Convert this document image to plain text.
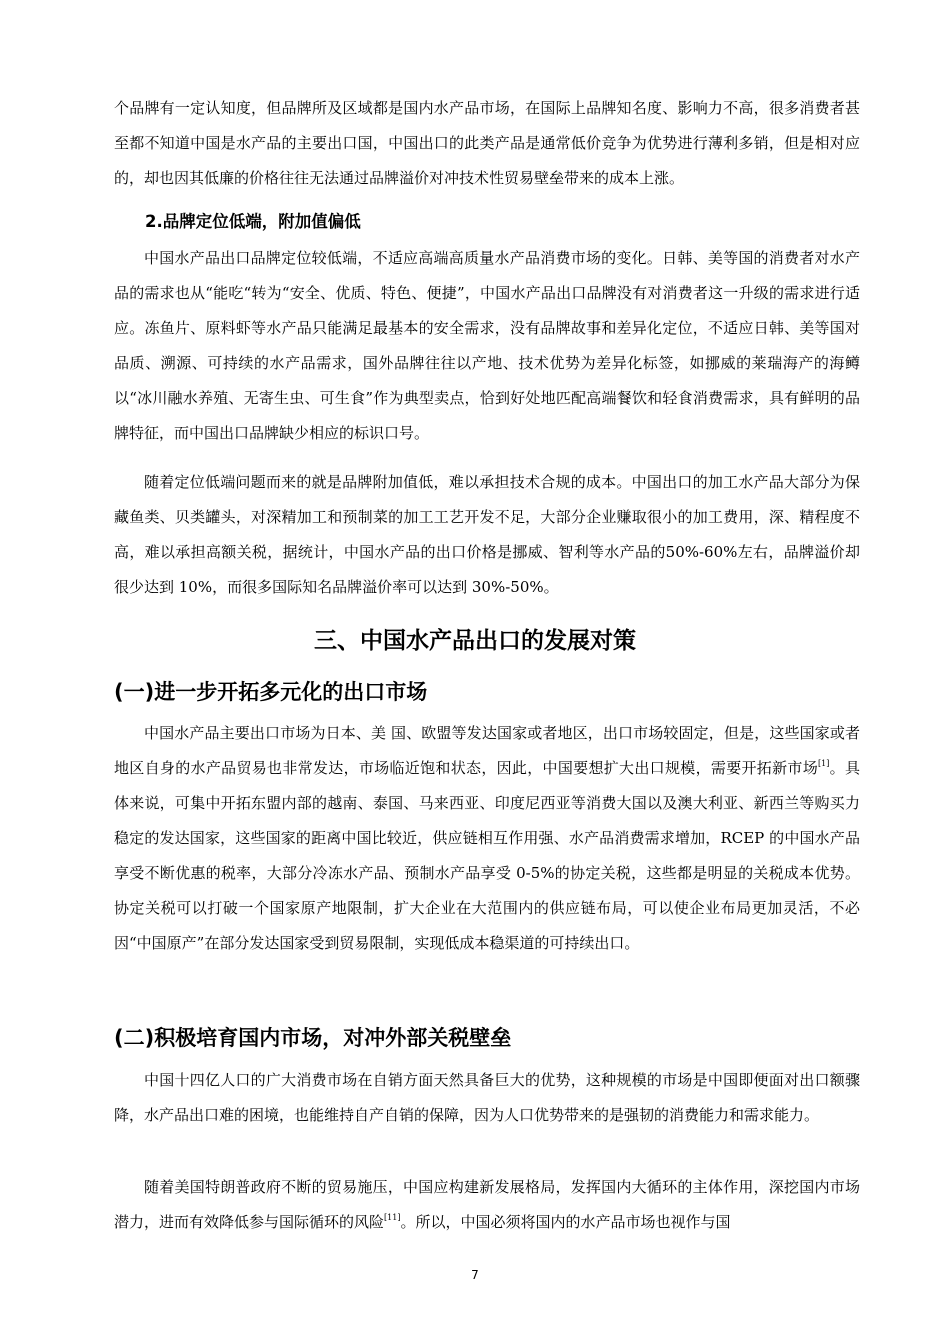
个品牌有一定认知度，但品牌所及区域都是国内水产品市场，在国际上品牌知名度、影响力不高，很多消费者甚至都不知道中国是水产品的主要出口国，中国出口的此类产品是通常低价竞争为优势进行薄利多销，但是相对应的，却也因其低廉的价格往往无法通过品牌溢价对冲技术性贸易壁垒带来的成本上涨。

2.品牌定位低端，附加值偏低

中国水产品出口品牌定位较低端，不适应高端高质量水产品消费市场的变化。日韩、美等国的消费者对水产品的需求也从“能吃“转为“安全、优质、特色、便捷”，中国水产品出口品牌没有对消费者这一升级的需求进行适应。冻鱼片、原料虾等水产品只能满足最基本的安全需求，没有品牌故事和差异化定位，不适应日韩、美等国对品质、溯源、可持续的水产品需求，国外品牌往往以产地、技术优势为差异化标签，如挪威的莱瑞海产的海鳟以“冰川融水养殖、无寄生虫、可生食”作为典型卖点，恰到好处地匹配高端餐饮和轻食消费需求，具有鲜明的品牌特征，而中国出口品牌缺少相应的标识口号。

随着定位低端问题而来的就是品牌附加值低，难以承担技术合规的成本。中国出口的加工水产品大部分为保藏鱼类、贝类罐头，对深精加工和预制菜的加工工艺开发不足，大部分企业赚取很小的加工费用，深、精程度不高，难以承担高额关税，据统计，中国水产品的出口价格是挪威、智利等水产品的50%-60%左右，品牌溢价却很少达到 10%，而很多国际知名品牌溢价率可以达到 30%-50%。

三、中国水产品出口的发展对策
(一)进一步开拓多元化的出口市场

中国水产品主要出口市场为日本、美 国、欧盟等发达国家或者地区，出口市场较固定，但是，这些国家或者地区自身的水产品贸易也非常发达，市场临近饱和状态，因此，中国要想扩大出口规模，需要开拓新市场[1]。具体来说，可集中开拓东盟内部的越南、泰国、马来西亚、印度尼西亚等消费大国以及澳大利亚、新西兰等购买力稳定的发达国家，这些国家的距离中国比较近，供应链相互作用强、水产品消费需求增加，RCEP 的中国水产品享受不断优惠的税率，大部分冷冻水产品、预制水产品享受 0-5%的协定关税，这些都是明显的关税成本优势。协定关税可以打破一个国家原产地限制，扩大企业在大范围内的供应链布局，可以使企业布局更加灵活，不必因“中国原产”在部分发达国家受到贸易限制，实现低成本稳渠道的可持续出口。

(二)积极培育国内市场，对冲外部关税壁垒

中国十四亿人口的广大消费市场在自销方面天然具备巨大的优势，这种规模的市场是中国即便面对出口额骤降，水产品出口难的困境，也能维持自产自销的保障，因为人口优势带来的是强韧的消费能力和需求能力。

随着美国特朗普政府不断的贸易施压，中国应构建新发展格局，发挥国内大循环的主体作用，深挖国内市场潜力，进而有效降低参与国际循环的风险[11]。所以，中国必须将国内的水产品市场也视作与国

7
